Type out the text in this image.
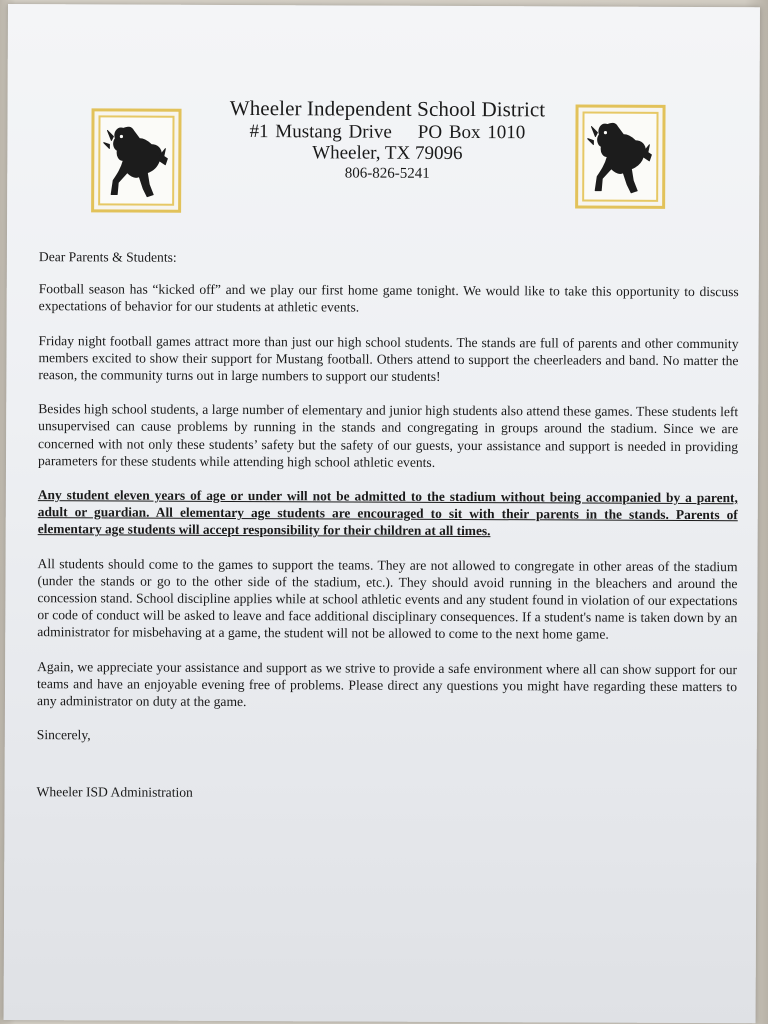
Wheeler Independent School District
#1 Mustang Drive PO Box 1010
Wheeler, TX 79096
806-826-5241

Dear Parents & Students:

Football season has “kicked off” and we play our first home game tonight. We would like to take this opportunity to discuss expectations of behavior for our students at athletic events.

Friday night football games attract more than just our high school students. The stands are full of parents and other community members excited to show their support for Mustang football. Others attend to support the cheerleaders and band. No matter the reason, the community turns out in large numbers to support our students!

Besides high school students, a large number of elementary and junior high students also attend these games. These students left unsupervised can cause problems by running in the stands and congregating in groups around the stadium. Since we are concerned with not only these students’ safety but the safety of our guests, your assistance and support is needed in providing parameters for these students while attending high school athletic events.

Any student eleven years of age or under will not be admitted to the stadium without being accompanied by a parent, adult or guardian. All elementary age students are encouraged to sit with their parents in the stands. Parents of elementary age students will accept responsibility for their children at all times.

All students should come to the games to support the teams. They are not allowed to congregate in other areas of the stadium (under the stands or go to the other side of the stadium, etc.). They should avoid running in the bleachers and around the concession stand. School discipline applies while at school athletic events and any student found in violation of our expectations or code of conduct will be asked to leave and face additional disciplinary consequences. If a student's name is taken down by an administrator for misbehaving at a game, the student will not be allowed to come to the next home game.

Again, we appreciate your assistance and support as we strive to provide a safe environment where all can show support for our teams and have an enjoyable evening free of problems. Please direct any questions you might have regarding these matters to any administrator on duty at the game.

Sincerely,

Wheeler ISD Administration
